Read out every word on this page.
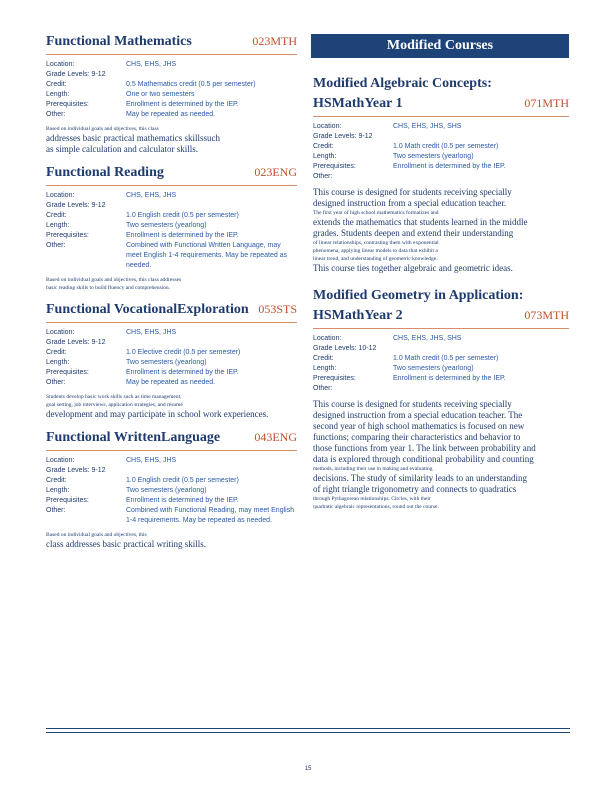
Functional Mathematics	023MTH
Location:	CHS, EHS, JHS
Grade Levels: 9-12	
Credit:	0.5 Mathematics credit (0.5 per semester)
Length:	One or two semesters
Prerequisites:	Enrollment is determined by the IEP.
Other:	May be repeated as needed.
Based on individual goals and objectives, this class
addresses basic practical mathematics skillssuch
as simple calculation and calculator skills.
Functional Reading	023ENG
Location:	CHS, EHS, JHS
Grade Levels: 9-12	
Credit:	1.0 English credit (0.5 per semester)
Length:	Two semesters (yearlong)
Prerequisites:	Enrollment is determined by the IEP.
Other:	Combined with Functional Written Language, may meet English 1-4 requirements. May be repeated as needed.
Based on individual goals and objectives, this class addresses
basic reading skills to build fluency and comprehension.
Functional VocationalExploration 053STS
Location:	CHS, EHS, JHS
Grade Levels: 9-12	
Credit:	1.0 Elective credit (0.5 per semester)
Length:	Two semesters (yearlong)
Prerequisites:	Enrollment is determined by the IEP.
Other:	May be repeated as needed.
Students develop basic work skills such as time management,
goal setting, job interviews, application strategies, and résumé
development and may participate in school work experiences.
Functional WrittenLanguage	043ENG
Location:	CHS, EHS, JHS
Grade Levels: 9-12	
Credit:	1.0 English credit (0.5 per semester)
Length:	Two semesters (yearlong)
Prerequisites:	Enrollment is determined by the IEP.
Other:	Combined with Functional Reading, may meet English 1-4 requirements. May be repeated as needed.
Based on individual goals and objectives, this
class addresses basic practical writing skills.
Modified Courses
Modified Algebraic Concepts:
HSMathYear 1	071MTH
Location:	CHS, EHS, JHS, SHS
Grade Levels: 9-12	
Credit:	1.0 Math credit (0.5 per semester)
Length:	Two semesters (yearlong)
Prerequisites:	Enrollment is determined by the IEP.
Other:	
This course is designed for students receiving specially
designed instruction from a special education teacher.
The first year of high school mathematics formalizes and
extends the mathematics that students learned in the middle
grades. Students deepen and extend their understanding
of linear relationships, contrasting them with exponential
phenomena, applying linear models to data that exhibit a
linear trend, and understanding of geometric knowledge.
This course ties together algebraic and geometric ideas.
Modified Geometry in Application:
HSMathYear 2	073MTH
Location:	CHS, EHS, JHS, SHS
Grade Levels: 10-12	
Credit:	1.0 Math credit (0.5 per semester)
Length:	Two semesters (yearlong)
Prerequisites:	Enrollment is determined by the IEP.
Other:	
This course is designed for students receiving specially
designed instruction from a special education teacher. The
second year of high school mathematics is focused on new
functions; comparing their characteristics and behavior to
those functions from year 1. The link between probability and
data is explored through conditional probability and counting
methods, including their use in making and evaluating
decisions. The study of similarity leads to an understanding
of right triangle trigonometry and connects to quadratics
through Pythagorean relationships. Circles, with their
quadratic algebraic representations, round out the course.
15
